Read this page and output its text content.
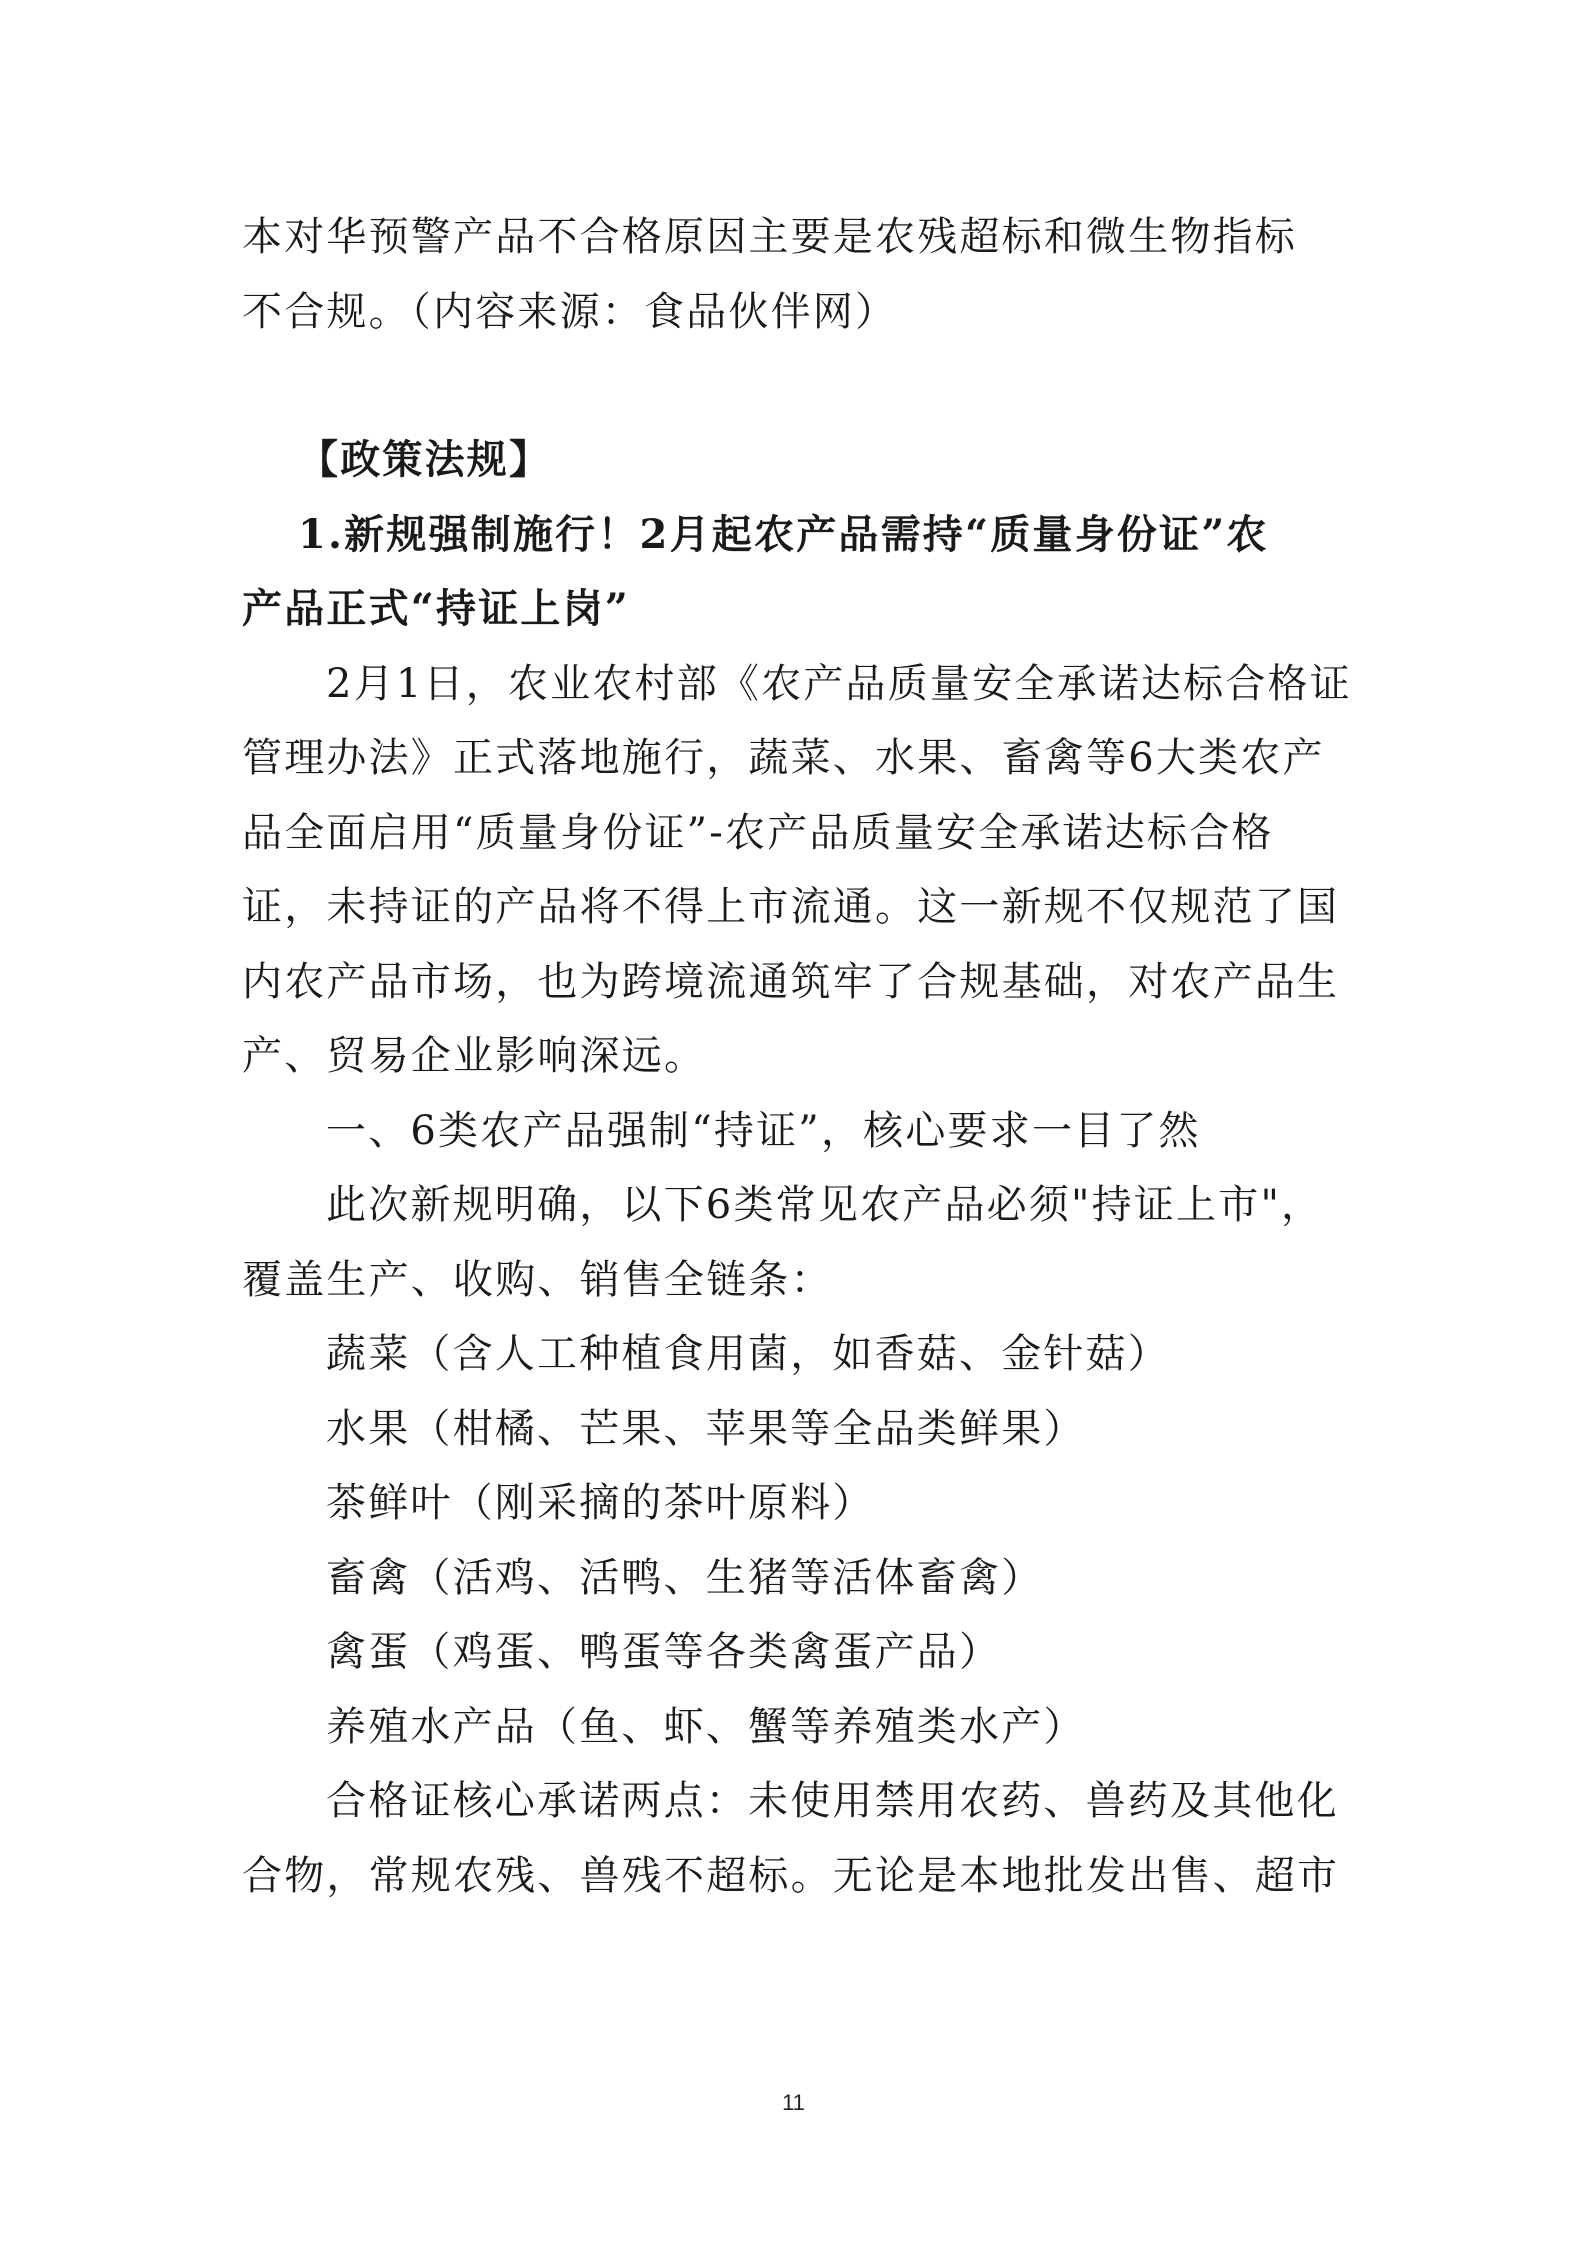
本对华预警产品不合格原因主要是农残超标和微生物指标
不合规。（内容来源：食品伙伴网）

【政策法规】

1.新规强制施行！2月起农产品需持“质量身份证”农
产品正式“持证上岗”

2月1日，农业农村部《农产品质量安全承诺达标合格证
管理办法》正式落地施行，蔬菜、水果、畜禽等6大类农产
品全面启用“质量身份证”-农产品质量安全承诺达标合格
证，未持证的产品将不得上市流通。这一新规不仅规范了国
内农产品市场，也为跨境流通筑牢了合规基础，对农产品生
产、贸易企业影响深远。

一、6类农产品强制“持证”，核心要求一目了然

此次新规明确，以下6类常见农产品必须"持证上市"，
覆盖生产、收购、销售全链条：

蔬菜（含人工种植食用菌，如香菇、金针菇）

水果（柑橘、芒果、苹果等全品类鲜果）

茶鲜叶（刚采摘的茶叶原料）

畜禽（活鸡、活鸭、生猪等活体畜禽）

禽蛋（鸡蛋、鸭蛋等各类禽蛋产品）

养殖水产品（鱼、虾、蟹等养殖类水产）

合格证核心承诺两点：未使用禁用农药、兽药及其他化
合物，常规农残、兽残不超标。无论是本地批发出售、超市

11
